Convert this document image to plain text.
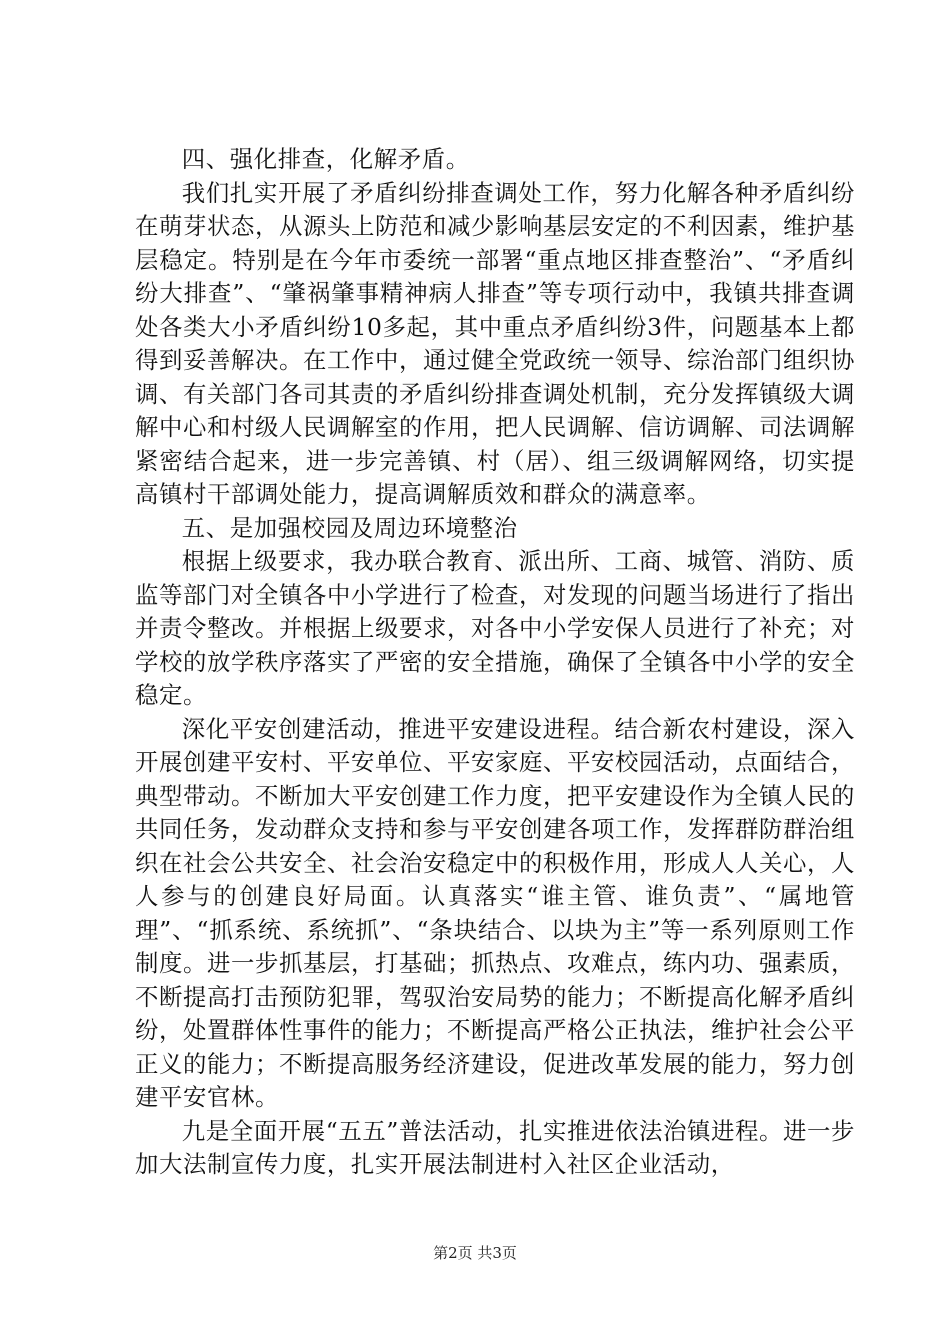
四、强化排查，化解矛盾。

我们扎实开展了矛盾纠纷排查调处工作，努力化解各种矛盾纠纷在萌芽状态，从源头上防范和减少影响基层安定的不利因素，维护基层稳定。特别是在今年市委统一部署“重点地区排查整治”、“矛盾纠纷大排查”、“肇祸肇事精神病人排查”等专项行动中，我镇共排查调处各类大小矛盾纠纷10多起，其中重点矛盾纠纷3件，问题基本上都得到妥善解决。在工作中，通过健全党政统一领导、综治部门组织协调、有关部门各司其责的矛盾纠纷排查调处机制，充分发挥镇级大调解中心和村级人民调解室的作用，把人民调解、信访调解、司法调解紧密结合起来，进一步完善镇、村（居）、组三级调解网络，切实提高镇村干部调处能力，提高调解质效和群众的满意率。

五、是加强校园及周边环境整治

根据上级要求，我办联合教育、派出所、工商、城管、消防、质监等部门对全镇各中小学进行了检查，对发现的问题当场进行了指出并责令整改。并根据上级要求，对各中小学安保人员进行了补充；对学校的放学秩序落实了严密的安全措施，确保了全镇各中小学的安全稳定。

深化平安创建活动，推进平安建设进程。结合新农村建设，深入开展创建平安村、平安单位、平安家庭、平安校园活动，点面结合，典型带动。不断加大平安创建工作力度，把平安建设作为全镇人民的共同任务，发动群众支持和参与平安创建各项工作，发挥群防群治组织在社会公共安全、社会治安稳定中的积极作用，形成人人关心，人人参与的创建良好局面。认真落实“谁主管、谁负责”、“属地管理”、“抓系统、系统抓”、“条块结合、以块为主”等一系列原则工作制度。进一步抓基层，打基础；抓热点、攻难点，练内功、强素质，不断提高打击预防犯罪，驾驭治安局势的能力；不断提高化解矛盾纠纷，处置群体性事件的能力；不断提高严格公正执法，维护社会公平正义的能力；不断提高服务经济建设，促进改革发展的能力，努力创建平安官林。

九是全面开展“五五”普法活动，扎实推进依法治镇进程。进一步加大法制宣传力度，扎实开展法制进村入社区企业活动，

第2页 共3页
